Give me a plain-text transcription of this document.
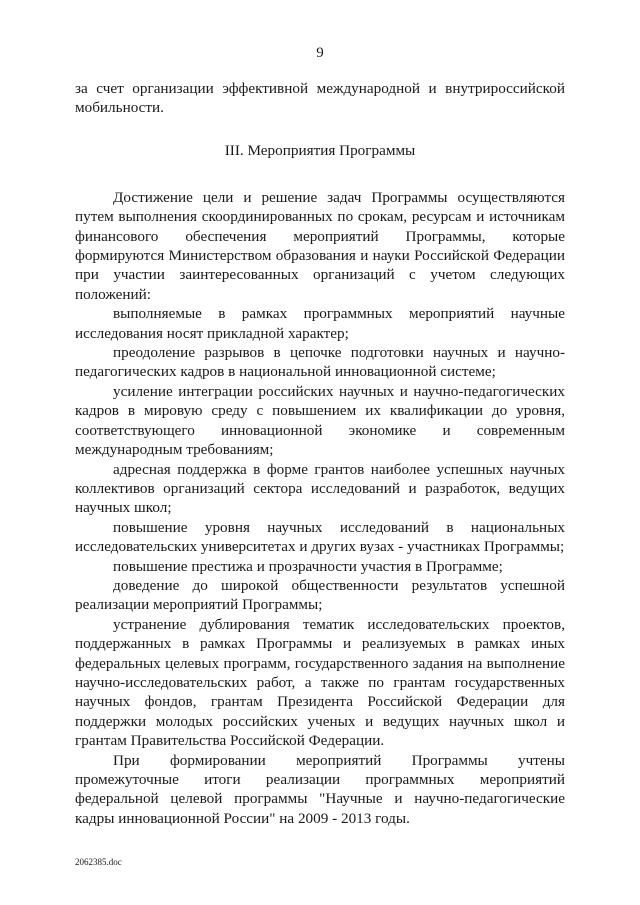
9

за счет организации эффективной международной и внутрироссийской мобильности.

III. Мероприятия Программы

Достижение цели и решение задач Программы осуществляются путем выполнения скоординированных по срокам, ресурсам и источникам финансового обеспечения мероприятий Программы, которые формируются Министерством образования и науки Российской Федерации при участии заинтересованных организаций с учетом следующих положений:

выполняемые в рамках программных мероприятий научные исследования носят прикладной характер;

преодоление разрывов в цепочке подготовки научных и научно-педагогических кадров в национальной инновационной системе;

усиление интеграции российских научных и научно-педагогических кадров в мировую среду с повышением их квалификации до уровня, соответствующего инновационной экономике и современным международным требованиям;

адресная поддержка в форме грантов наиболее успешных научных коллективов организаций сектора исследований и разработок, ведущих научных школ;

повышение уровня научных исследований в национальных исследовательских университетах и других вузах - участниках Программы;

повышение престижа и прозрачности участия в Программе;

доведение до широкой общественности результатов успешной реализации мероприятий Программы;

устранение дублирования тематик исследовательских проектов, поддержанных в рамках Программы и реализуемых в рамках иных федеральных целевых программ, государственного задания на выполнение научно-исследовательских работ, а также по грантам государственных научных фондов, грантам Президента Российской Федерации для поддержки молодых российских ученых и ведущих научных школ и грантам Правительства Российской Федерации.

При формировании мероприятий Программы учтены промежуточные итоги реализации программных мероприятий федеральной целевой программы "Научные и научно-педагогические кадры инновационной России" на 2009 - 2013 годы.

2062385.doc
